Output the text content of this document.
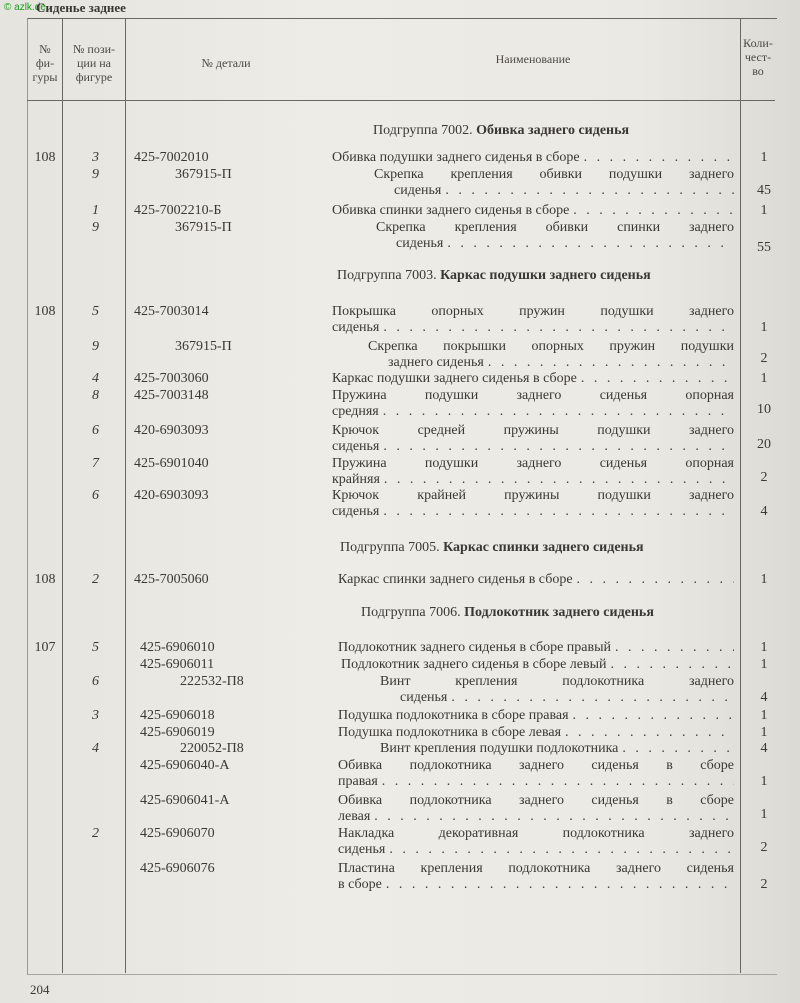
© azlk.de
Сиденье заднее
№
фи-
гуры
№ пози-
ции на
фигуре
№ детали	Наименование
Коли-
чест-
во
Подгруппа 7002. Обивка заднего сиденья
Подгруппа 7003. Каркас подушки заднего сиденья
Подгруппа 7005. Каркас спинки заднего сиденья
Подгруппа 7006. Подлокотник заднего сиденья
108	3	425-7002010	Обивка подушки заднего сиденья в сборе . . .	1
9	367915-П	Скрепка крепления обивки подушки заднего
сиденья . . .	45
1	425-7002210-Б	Обивка спинки заднего сиденья в сборе . . .	1
9	367915-П	Скрепка крепления обивки спинки заднего
сиденья . . .	55
108	5	425-7003014	Покрышка опорных пружин подушки заднего
сиденья . . .	1
9	367915-П	Скрепка покрышки опорных пружин подушки
заднего сиденья . . .	2
4	425-7003060	Каркас подушки заднего сиденья в сборе . . .	1
8	425-7003148	Пружина подушки заднего сиденья опорная
средняя . . .	10
6	420-6903093	Крючок средней пружины подушки заднего
сиденья . . .	20
7	425-6901040	Пружина подушки заднего сиденья опорная
крайняя . . .	2
6	420-6903093	Крючок крайней пружины подушки заднего
сиденья . . .	4
108	2	425-7005060	Каркас спинки заднего сиденья в сборе . . .	1
107	5	425-6906010	Подлокотник заднего сиденья в сборе правый . . .	1
425-6906011	Подлокотник заднего сиденья в сборе левый . . .	1
6	222532-П8	Винт крепления подлокотника заднего
сиденья . . .	4
3	425-6906018	Подушка подлокотника в сборе правая . . .	1
425-6906019	Подушка подлокотника в сборе левая . . .	1
4	220052-П8	Винт крепления подушки подлокотника . . .	4
425-6906040-А	Обивка подлокотника заднего сиденья в сборе
правая . . .	1
425-6906041-А	Обивка подлокотника заднего сиденья в сборе
левая . . .	1
2	425-6906070	Накладка декоративная подлокотника заднего
сиденья . . .	2
425-6906076	Пластина крепления подлокотника заднего сиденья
в сборе . . .	2
204
